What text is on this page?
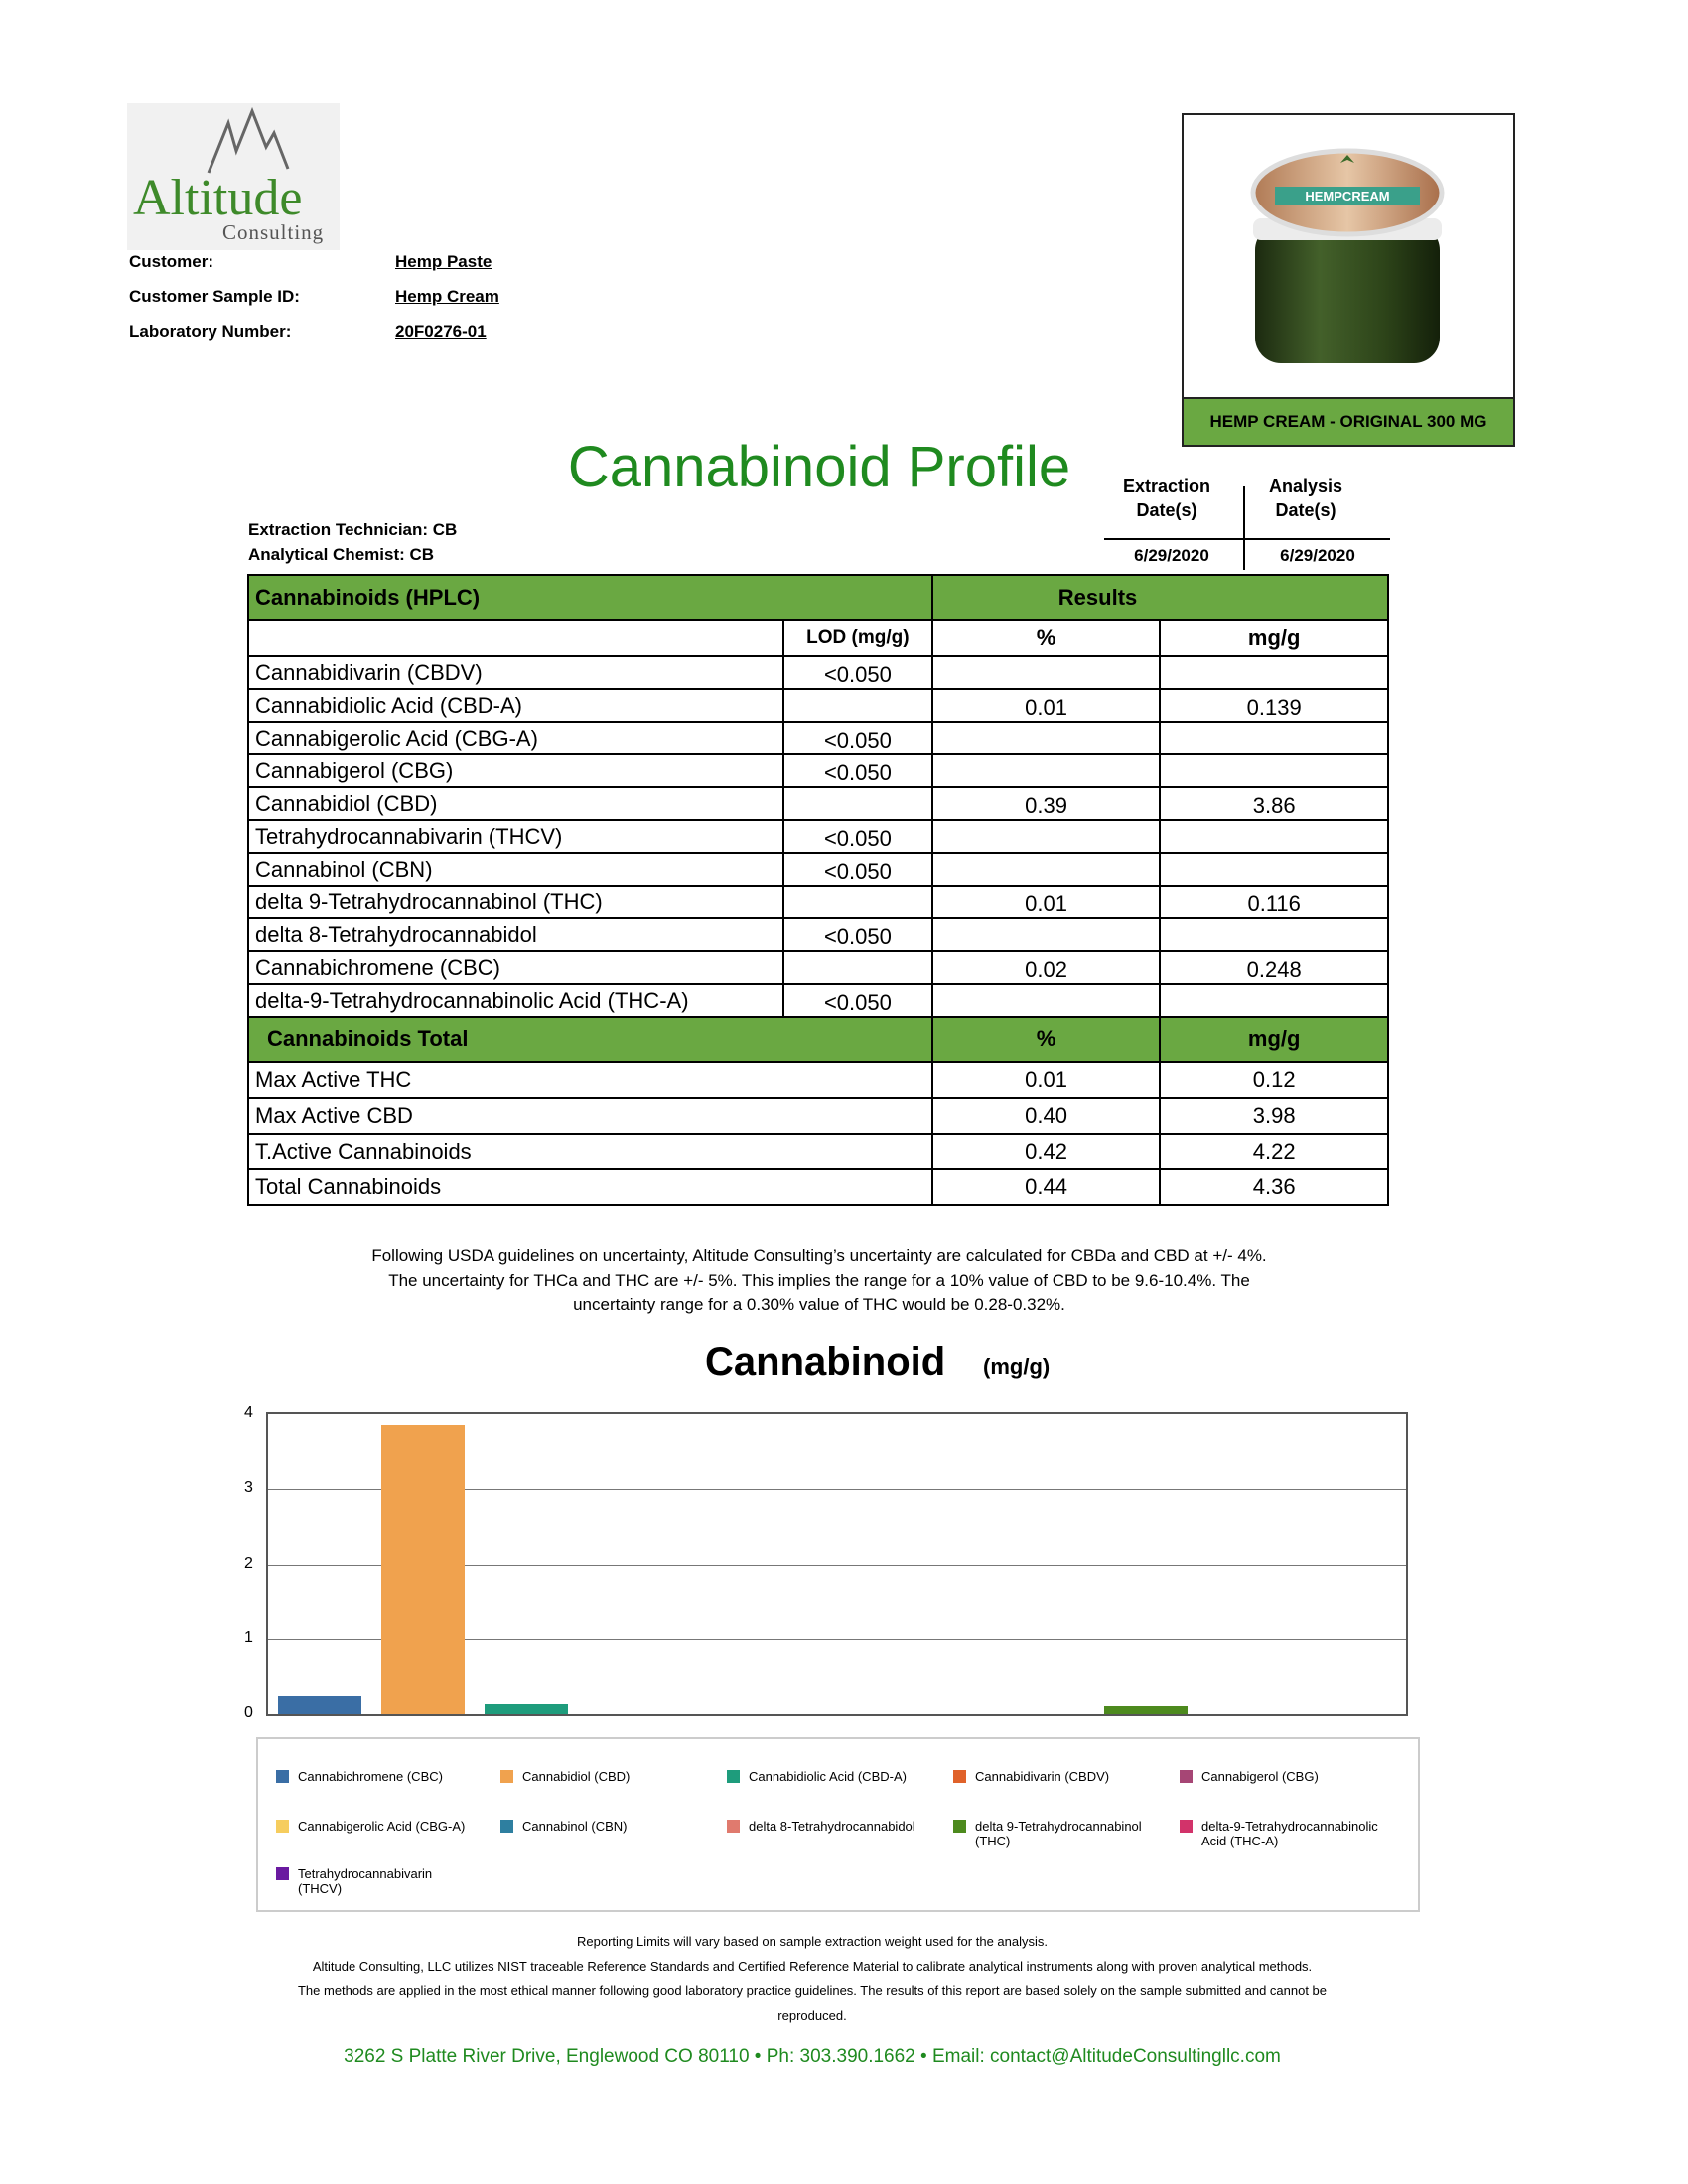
Altitude
Consulting
Customer:	Hemp Paste
Customer Sample ID:	Hemp Cream
Laboratory Number:	20F0276-01
HEMPCREAM
HEMP CREAM - ORIGINAL 300 MG
Cannabinoid Profile	Extraction
Date(s)
Analysis
Date(s)
6/29/2020	6/29/2020
Extraction Technician: CB
Analytical Chemist: CB
Cannabinoids (HPLC)		Results	
	LOD (mg/g)	%	mg/g
Cannabidivarin (CBDV)	<0.050		
Cannabidiolic Acid (CBD-A)		0.01	0.139
Cannabigerolic Acid (CBG-A)	<0.050		
Cannabigerol (CBG)	<0.050		
Cannabidiol (CBD)		0.39	3.86
Tetrahydrocannabivarin (THCV)	<0.050		
Cannabinol (CBN)	<0.050		
delta 9-Tetrahydrocannabinol (THC)		0.01	0.116
delta 8-Tetrahydrocannabidol	<0.050		
Cannabichromene (CBC)		0.02	0.248
delta-9-Tetrahydrocannabinolic Acid (THC-A)	<0.050		
Cannabinoids Total		%	mg/g
Max Active THC		0.01	0.12
Max Active CBD		0.40	3.98
T.Active Cannabinoids		0.42	4.22
Total Cannabinoids		0.44	4.36
Following USDA guidelines on uncertainty, Altitude Consulting’s uncertainty are calculated for CBDa and CBD at +/- 4%.
The uncertainty for THCa and THC are +/- 5%. This implies the range for a 10% value of CBD to be 9.6-10.4%. The
uncertainty range for a 0.30% value of THC would be 0.28-0.32%.
Cannabinoid (mg/g)
0
1
2
3
4
Cannabichromene (CBC)	Cannabidiol (CBD)	Cannabidiolic Acid (CBD-A)	Cannabidivarin (CBDV)	Cannabigerol (CBG)
Cannabigerolic Acid (CBG-A)	Cannabinol (CBN)	delta 8-Tetrahydrocannabidol	delta 9-Tetrahydrocannabinol (THC)
delta-9-Tetrahydrocannabinolic Acid (THC-A)
Tetrahydrocannabivarin (THCV)
Reporting Limits will vary based on sample extraction weight used for the analysis.
Altitude Consulting, LLC utilizes NIST traceable Reference Standards and Certified Reference Material to calibrate analytical instruments along with proven analytical methods.
The methods are applied in the most ethical manner following good laboratory practice guidelines. The results of this report are based solely on the sample submitted and cannot be
reproduced.
3262 S Platte River Drive, Englewood CO 80110 • Ph: 303.390.1662 • Email: contact@AltitudeConsultingllc.com
